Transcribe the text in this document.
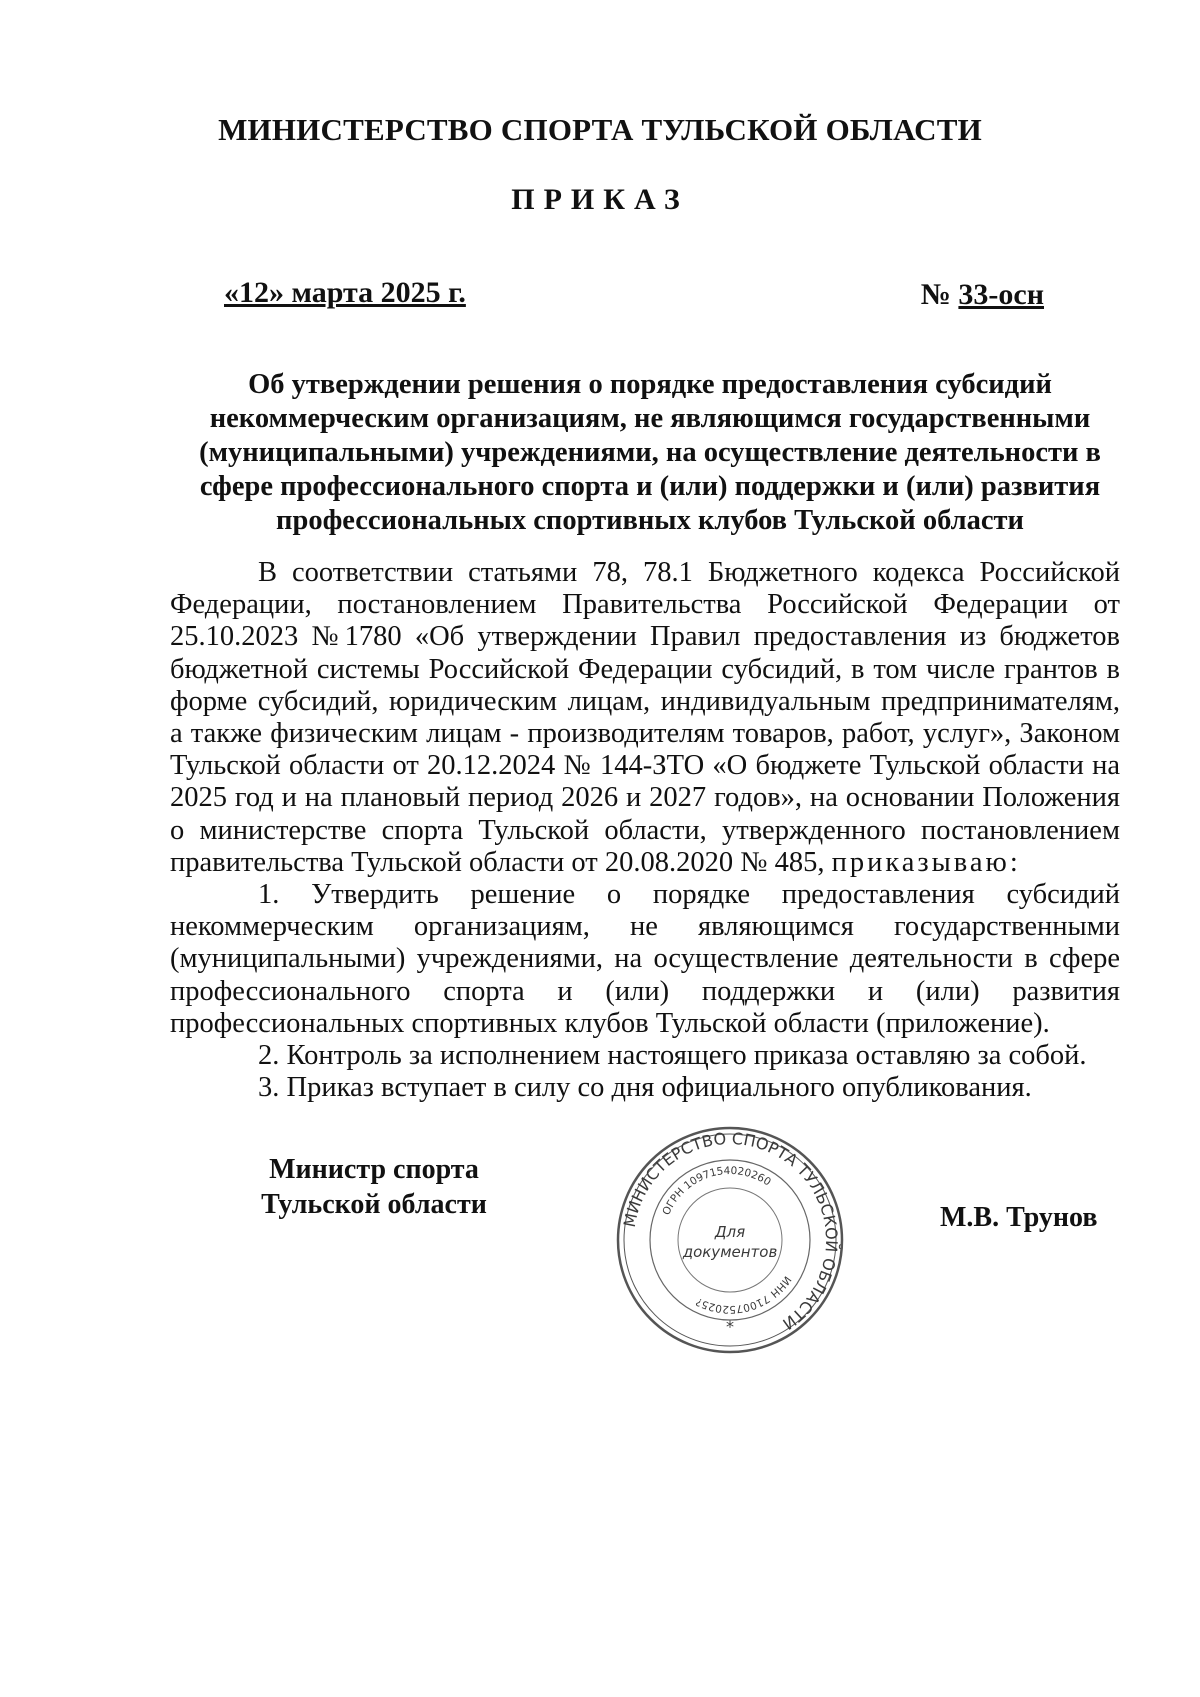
МИНИСТЕРСТВО СПОРТА ТУЛЬСКОЙ ОБЛАСТИ
ПРИКАЗ
«12» марта 2025 г.	№ 33-осн
Об утверждении решения о порядке предоставления субсидий
некоммерческим организациям, не являющимся государственными
(муниципальными) учреждениями, на осуществление деятельности в
сфере профессионального спорта и (или) поддержки и (или) развития
профессиональных спортивных клубов Тульской области

В соответствии статьями 78, 78.1 Бюджетного кодекса Российской Федерации, постановлением Правительства Российской Федерации от 25.10.2023 №1780 «Об утверждении Правил предоставления из бюджетов бюджетной системы Российской Федерации субсидий, в том числе грантов в форме субсидий, юридическим лицам, индивидуальным предпринимателям, а также физическим лицам - производителям товаров, работ, услуг», Законом Тульской области от 20.12.2024 № 144-ЗТО «О бюджете Тульской области на 2025 год и на плановый период 2026 и 2027 годов», на основании Положения о министерстве спорта Тульской области, утвержденного постановлением правительства Тульской области от 20.08.2020 № 485, приказываю:

1. Утвердить решение о порядке предоставления субсидий некоммерческим организациям, не являющимся государственными (муниципальными) учреждениями, на осуществление деятельности в сфере профессионального спорта и (или) поддержки и (или) развития профессиональных спортивных клубов Тульской области (приложение).

2. Контроль за исполнением настоящего приказа оставляю за собой.

3. Приказ вступает в силу со дня официального опубликования.

Министр спорта
Тульской области
МИНИСТЕРСТВО СПОРТА ТУЛЬСКОЙ ОБЛАСТИ
ОГРН 1097154020260
ИНН 7100752025?
Для
документов
*
М.В. Трунов
